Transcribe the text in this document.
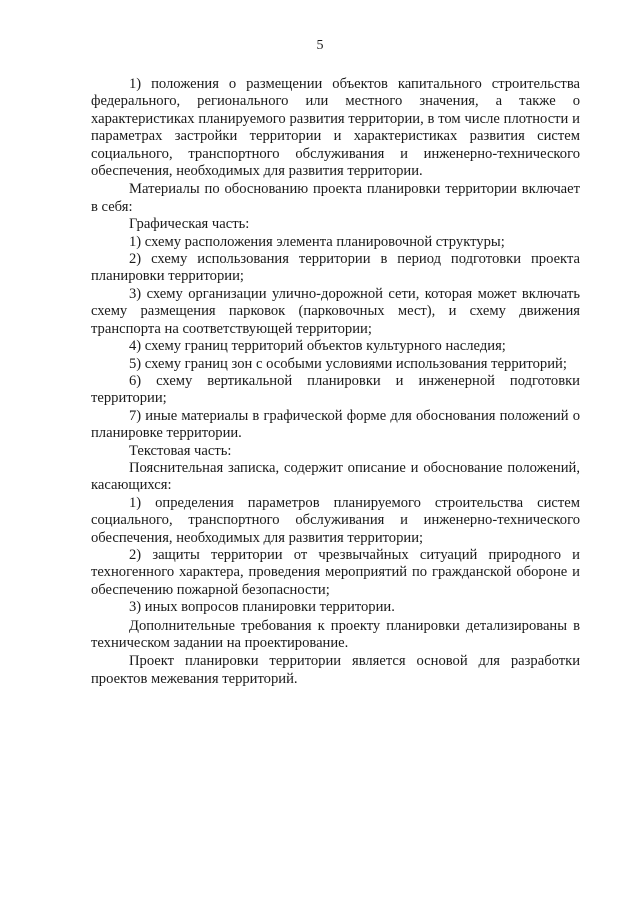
5

1) положения о размещении объектов капитального строительства федерального, регионального или местного значения, а также о характеристиках планируемого развития территории, в том числе плотности и параметрах застройки территории и характеристиках развития систем социального, транспортного обслуживания и инженерно-технического обеспечения, необходимых для развития территории.

Материалы по обоснованию проекта планировки территории включает в себя:

Графическая часть:

1) схему расположения элемента планировочной структуры;

2) схему использования территории в период подготовки проекта планировки территории;

3) схему организации улично-дорожной сети, которая может включать схему размещения парковок (парковочных мест), и схему движения транспорта на соответствующей территории;

4) схему границ территорий объектов культурного наследия;

5) схему границ зон с особыми условиями использования территорий;

6) схему вертикальной планировки и инженерной подготовки территории;

7) иные материалы в графической форме для обоснования положений о планировке территории.

Текстовая часть:

Пояснительная записка, содержит описание и обоснование положений, касающихся:

1) определения параметров планируемого строительства систем социального, транспортного обслуживания и инженерно-технического обеспечения, необходимых для развития территории;

2) защиты территории от чрезвычайных ситуаций природного и техногенного характера, проведения мероприятий по гражданской обороне и обеспечению пожарной безопасности;

3) иных вопросов планировки территории.

Дополнительные требования к проекту планировки детализированы в техническом задании на проектирование.

Проект планировки территории является основой для разработки проектов межевания территорий.
